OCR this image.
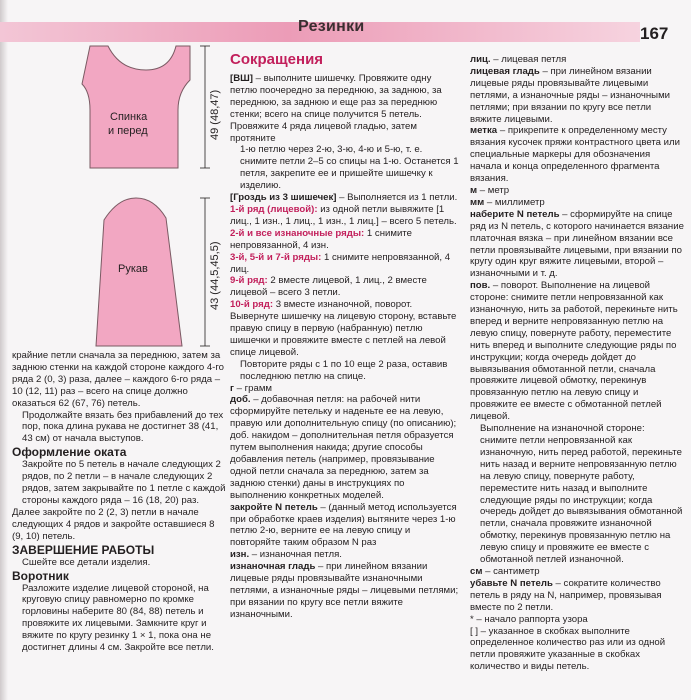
Резинки	167
Спинка
и перед	49 (48,47)
Рукав	43 (44,5,45,5)

крайние петли сначала за переднюю, затем за заднюю стенки на каждой стороне каждого 4-го ряда 2 (0, 3) раза, далее – каждого 6-го ряда – 10 (12, 11) раз – всего на спице должно оказаться 62 (67, 76) петель.

Продолжайте вязать без прибавлений до тех пор, пока длина рукава не достигнет 38 (41, 43 см) от начала выступов.

Оформление оката

Закройте по 5 петель в начале следующих 2 рядов, по 2 петли – в начале следующих 2 рядов, затем закрывайте по 1 петле с каждой стороны каждого ряда – 16 (18, 20) раз.

Далее закройте по 2 (2, 3) петли в начале следующих 4 рядов и закройте оставшиеся 8 (9, 10) петель.

ЗАВЕРШЕНИЕ РАБОТЫ

Сшейте все детали изделия.

Воротник

Разложите изделие лицевой стороной, на круговую спицу равномерно по кромке горловины наберите 80 (84, 88) петель и провяжите их лицевыми. Замкните круг и вяжите по кругу резинку 1 × 1, пока она не достигнет длины 4 см. Закройте все петли.

Сокращения

[ВШ] – выполните шишечку. Провяжите одну петлю поочередно за переднюю, за заднюю, за переднюю, за заднюю и еще раз за переднюю стенки; всего на спице получится 5 петель. Провяжите 4 ряда лицевой гладью, затем протяните

1-ю петлю через 2-ю, 3-ю, 4-ю и 5-ю, т. е. снимите петли 2–5 со спицы на 1-ю. Останется 1 петля, закрепите ее и пришейте шишечку к изделию.

[Гроздь из 3 шишечек] – Выполняется из 1 петли.

1-й ряд (лицевой): из одной петли вывяжите [1 лиц., 1 изн., 1 лиц., 1 изн., 1 лиц.] – всего 5 петель.

2-й и все изнаночные ряды: 1 снимите непровязанной, 4 изн.

3-й, 5-й и 7-й ряды: 1 снимите непровязанной, 4 лиц.

9-й ряд: 2 вместе лицевой, 1 лиц., 2 вместе лицевой – всего 3 петли.

10-й ряд: 3 вместе изнаночной, поворот. Вывернуте шишечку на лицевую сторону, вставьте правую спицу в первую (набранную) петлю шишечки и провяжите вместе с петлей на левой спице лицевой.

Повторите ряды с 1 по 10 еще 2 раза, оставив последнюю петлю на спице.

г – грамм

доб. – добавочная петля: на рабочей нити сформируйте петельку и наденьте ее на левую, правую или дополнительную спицу (по описанию); доб. накидом – дополнительная петля образуется путем выполнения накида; другие способы добавления петель (например, провязывание одной петли сначала за переднюю, затем за заднюю стенки) даны в инструкциях по выполнению конкретных моделей.

закройте N петель – (данный метод используется при обработке краев изделия) вытяните через 1-ю петлю 2-ю, верните ее на левую спицу и повторяйте таким образом N раз

изн. – изнаночная петля.

изнаночная гладь – при линейном вязании лицевые ряды провязывайте изнаночными петлями, а изнаночные ряды – лицевыми петлями; при вязании по кругу все петли вяжите изнаночными.

лиц. – лицевая петля

лицевая гладь – при линейном вязании лицевые ряды провязывайте лицевыми петлями, а изнаночные ряды – изнаночными петлями; при вязании по кругу все петли вяжите лицевыми.

метка – прикрепите к определенному месту вязания кусочек пряжи контрастного цвета или специальные маркеры для обозначения начала и конца определенного фрагмента вязания.

м – метр

мм – миллиметр

наберите N петель – сформируйте на спице ряд из N петель, с которого начинается вязание

платочная вязка – при линейном вязании все петли провязывайте лицевыми, при вязании по кругу один круг вяжите лицевыми, второй – изнаночными и т. д.

пов. – поворот. Выполнение на лицевой стороне: снимите петли непровязанной как изнаночную, нить за работой, перекиньте нить вперед и верните непровязанную петлю на левую спицу, повернуте работу, переместите нить вперед и выполните следующие ряды по инструкции; когда очередь дойдет до вывязывания обмотанной петли, сначала провяжите лицевой обмотку, перекинув провязанную петлю на левую спицу и провяжите ее вместе с обмотанной петлей лицевой.

Выполнение на изнаночной стороне: снимите петли непровязанной как изнаночную, нить перед работой, перекиньте нить назад и верните непровязанную петлю на левую спицу, повернуте работу, переместите нить назад и выполните следующие ряды по инструкции; когда очередь дойдет до вывязывания обмотанной петли, сначала провяжите изнаночной обмотку, перекинув провязанную петлю на левую спицу и провяжите ее вместе с обмотанной петлей изнаночной.

см – сантиметр

убавьте N петель – сократите количество петель в ряду на N, например, провязывая вместе по 2 петли.

* – начало раппорта узора

[ ] – указанное в скобках выполните определенное количество раз или из одной петли провяжите указанные в скобках количество и виды петель.
